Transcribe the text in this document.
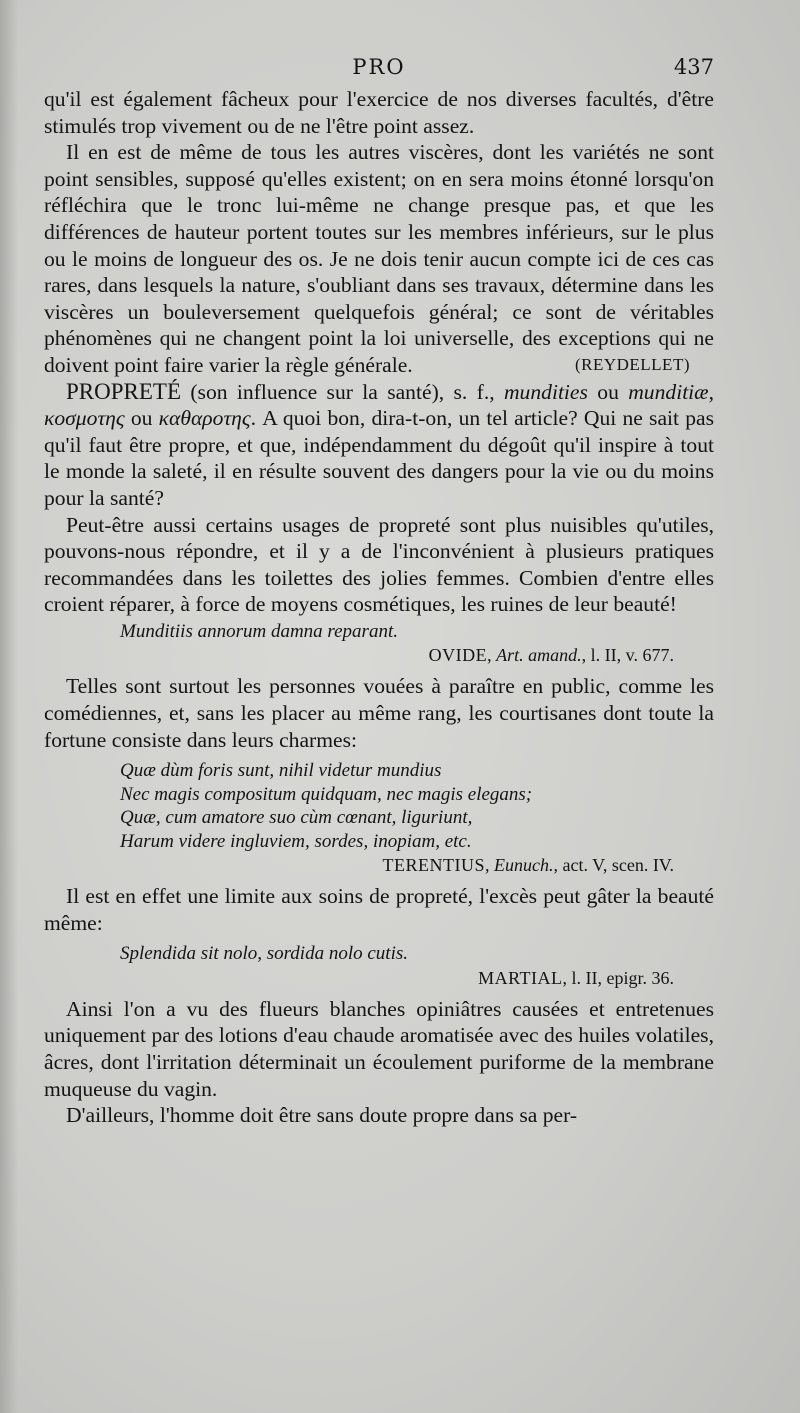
PRO	437

qu'il est également fâcheux pour l'exercice de nos diverses facultés, d'être stimulés trop vivement ou de ne l'être point assez.

Il en est de même de tous les autres viscères, dont les variétés ne sont point sensibles, supposé qu'elles existent; on en sera moins étonné lorsqu'on réfléchira que le tronc lui-même ne change presque pas, et que les différences de hauteur portent toutes sur les membres inférieurs, sur le plus ou le moins de longueur des os. Je ne dois tenir aucun compte ici de ces cas rares, dans lesquels la nature, s'oubliant dans ses travaux, détermine dans les viscères un bouleversement quelquefois général; ce sont de véritables phénomènes qui ne changent point la loi universelle, des exceptions qui ne doivent point faire varier la règle générale.	(REYDELLET)

PROPRETÉ (son influence sur la santé), s. f., mundities ou munditiæ, κοσμοτης ou καθαροτης. A quoi bon, dira-t-on, un tel article? Qui ne sait pas qu'il faut être propre, et que, indépendamment du dégoût qu'il inspire à tout le monde la saleté, il en résulte souvent des dangers pour la vie ou du moins pour la santé?

Peut-être aussi certains usages de propreté sont plus nuisibles qu'utiles, pouvons-nous répondre, et il y a de l'inconvénient à plusieurs pratiques recommandées dans les toilettes des jolies femmes. Combien d'entre elles croient réparer, à force de moyens cosmétiques, les ruines de leur beauté!

Munditiis annorum damna reparant.

OVIDE, Art. amand., l. II, v. 677.

Telles sont surtout les personnes vouées à paraître en public, comme les comédiennes, et, sans les placer au même rang, les courtisanes dont toute la fortune consiste dans leurs charmes:

Quæ dùm foris sunt, nihil videtur mundius

Nec magis compositum quidquam, nec magis elegans;

Quæ, cum amatore suo cùm cœnant, liguriunt,

Harum videre ingluviem, sordes, inopiam, etc.

TERENTIUS, Eunuch., act. V, scen. IV.

Il est en effet une limite aux soins de propreté, l'excès peut gâter la beauté même:

Splendida sit nolo, sordida nolo cutis.

MARTIAL, l. II, epigr. 36.

Ainsi l'on a vu des flueurs blanches opiniâtres causées et entretenues uniquement par des lotions d'eau chaude aromatisée avec des huiles volatiles, âcres, dont l'irritation déterminait un écoulement puriforme de la membrane muqueuse du vagin.

D'ailleurs, l'homme doit être sans doute propre dans sa per-
